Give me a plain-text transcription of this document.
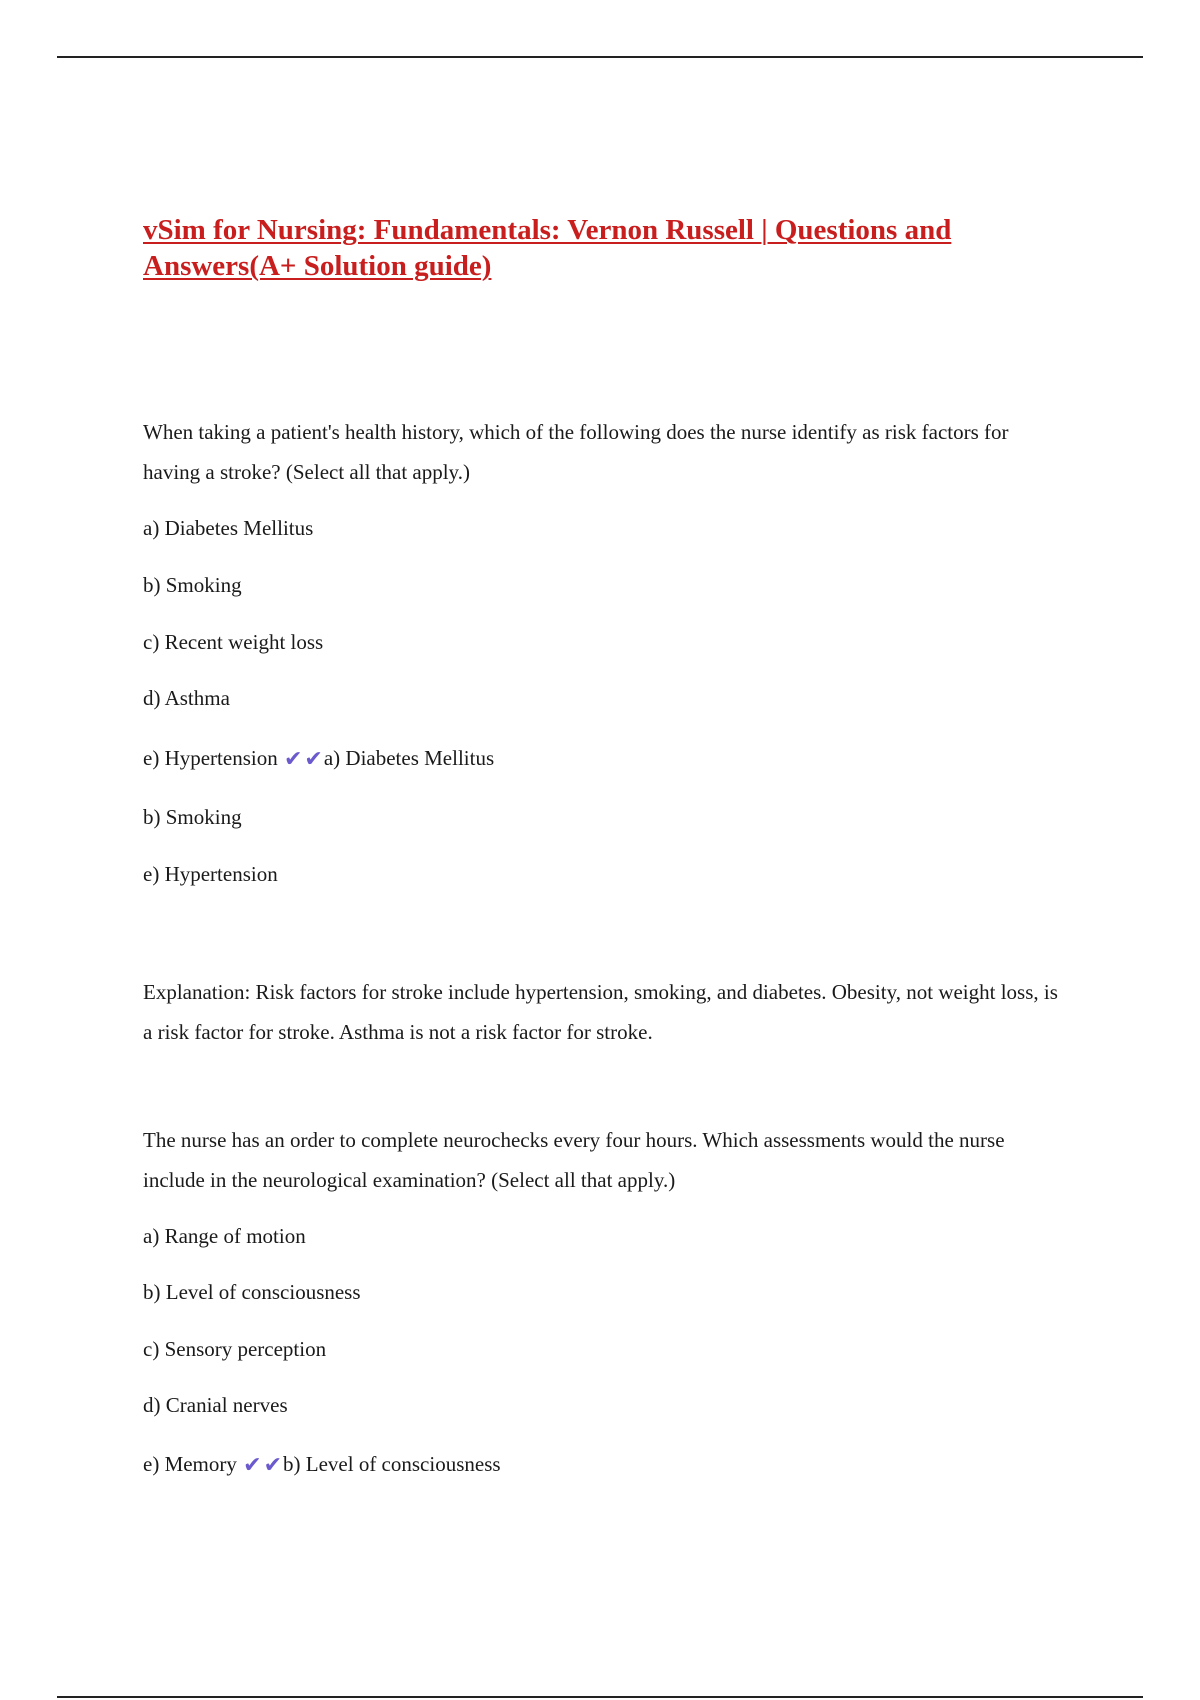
vSim for Nursing: Fundamentals: Vernon Russell | Questions and Answers(A+ Solution guide)

When taking a patient's health history, which of the following does the nurse identify as risk factors for having a stroke? (Select all that apply.)

a) Diabetes Mellitus

b) Smoking

c) Recent weight loss

d) Asthma

e) Hypertension ✔✔a) Diabetes Mellitus

b) Smoking

e) Hypertension

Explanation: Risk factors for stroke include hypertension, smoking, and diabetes. Obesity, not weight loss, is a risk factor for stroke. Asthma is not a risk factor for stroke.

The nurse has an order to complete neurochecks every four hours. Which assessments would the nurse include in the neurological examination? (Select all that apply.)

a) Range of motion

b) Level of consciousness

c) Sensory perception

d) Cranial nerves

e) Memory ✔✔b) Level of consciousness
